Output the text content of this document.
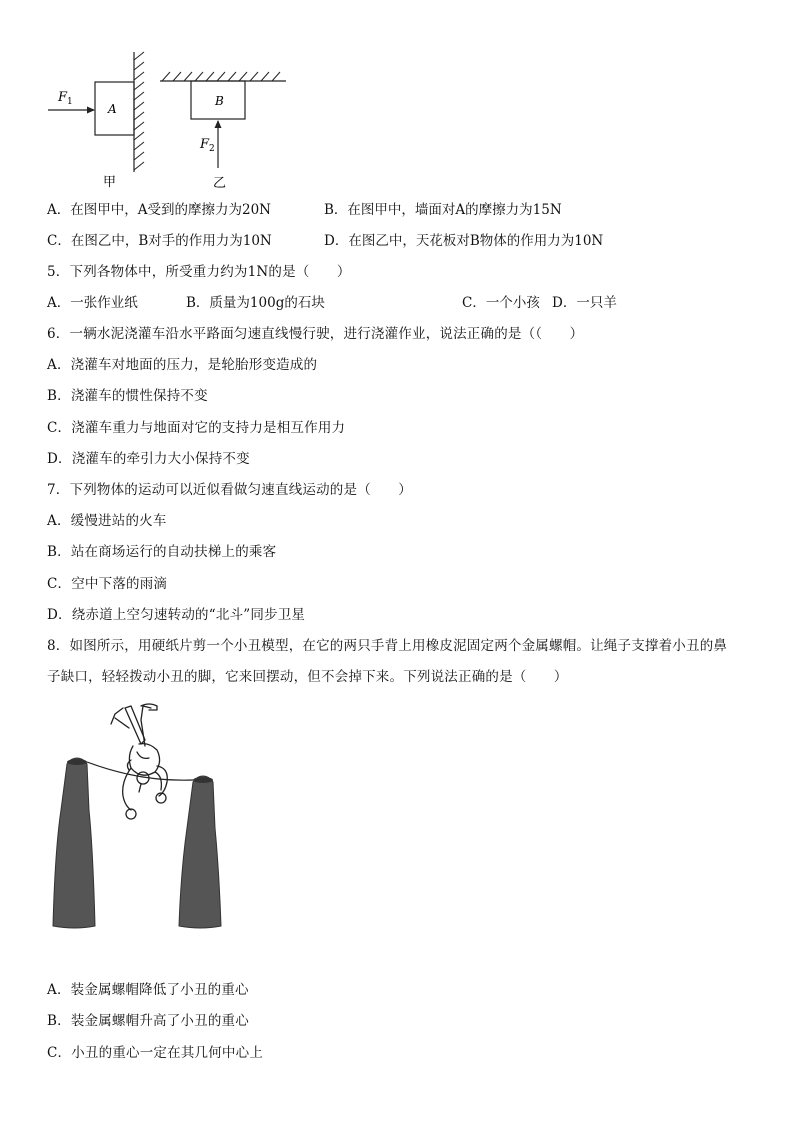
F 1	A
B
F 2
甲	乙
A．在图甲中，A受到的摩擦力为20N	B．在图甲中，墙面对A的摩擦力为15N
C．在图乙中，B对手的作用力为10N	D．在图乙中，天花板对B物体的作用力为10N
5．下列各物体中，所受重力约为1N的是（　　）
A．一张作业纸	B．质量为100g的石块	C．一个小孩 D．一只羊
6．一辆水泥浇灌车沿水平路面匀速直线慢行驶，进行浇灌作业，说法正确的是（（　　）
A．浇灌车对地面的压力，是轮胎形变造成的
B．浇灌车的惯性保持不变
C．浇灌车重力与地面对它的支持力是相互作用力
D．浇灌车的牵引力大小保持不变
7．下列物体的运动可以近似看做匀速直线运动的是（　　）
A．缓慢进站的火车
B．站在商场运行的自动扶梯上的乘客
C．空中下落的雨滴
D．绕赤道上空匀速转动的“北斗”同步卫星
8．如图所示，用硬纸片剪一个小丑模型，在它的两只手背上用橡皮泥固定两个金属螺帽。让绳子支撑着小丑的鼻
子缺口，轻轻拨动小丑的脚，它来回摆动，但不会掉下来。下列说法正确的是（　　）
A．装金属螺帽降低了小丑的重心
B．装金属螺帽升高了小丑的重心
C．小丑的重心一定在其几何中心上
